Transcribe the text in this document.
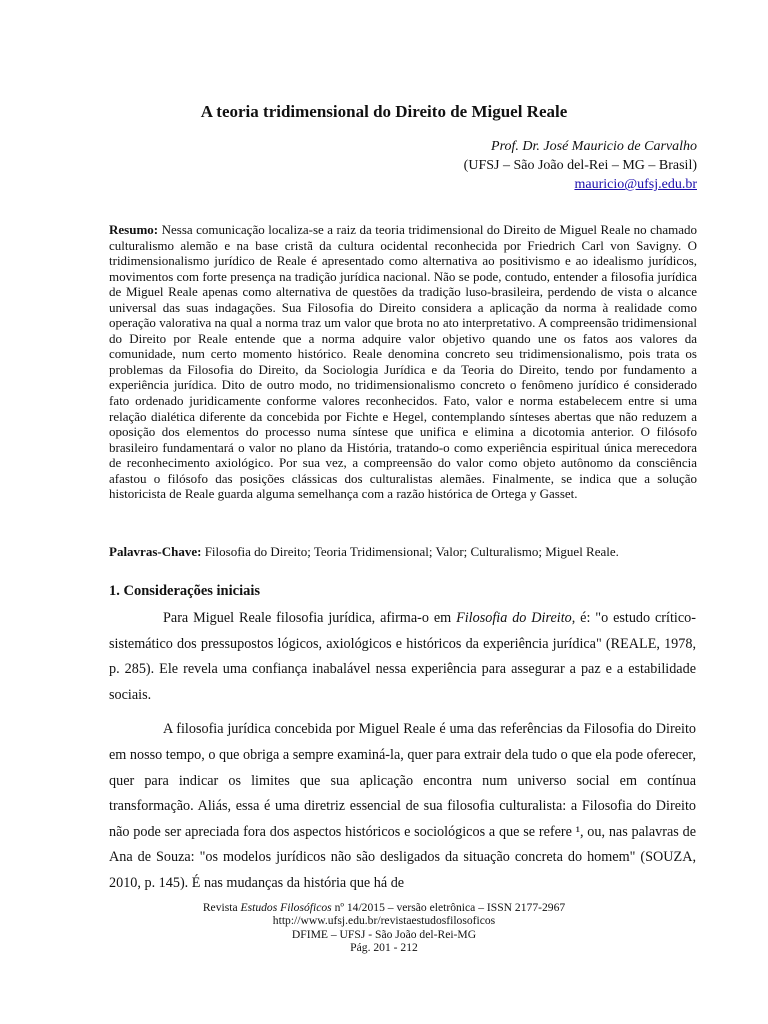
A teoria tridimensional do Direito de Miguel Reale
Prof. Dr. José Mauricio de Carvalho
(UFSJ – São João del-Rei – MG – Brasil)
mauricio@ufsj.edu.br
Resumo: Nessa comunicação localiza-se a raiz da teoria tridimensional do Direito de Miguel Reale no chamado culturalismo alemão e na base cristã da cultura ocidental reconhecida por Friedrich Carl von Savigny. O tridimensionalismo jurídico de Reale é apresentado como alternativa ao positivismo e ao idealismo jurídicos, movimentos com forte presença na tradição jurídica nacional. Não se pode, contudo, entender a filosofia jurídica de Miguel Reale apenas como alternativa de questões da tradição luso-brasileira, perdendo de vista o alcance universal das suas indagações. Sua Filosofia do Direito considera a aplicação da norma à realidade como operação valorativa na qual a norma traz um valor que brota no ato interpretativo. A compreensão tridimensional do Direito por Reale entende que a norma adquire valor objetivo quando une os fatos aos valores da comunidade, num certo momento histórico. Reale denomina concreto seu tridimensionalismo, pois trata os problemas da Filosofia do Direito, da Sociologia Jurídica e da Teoria do Direito, tendo por fundamento a experiência jurídica. Dito de outro modo, no tridimensionalismo concreto o fenômeno jurídico é considerado fato ordenado juridicamente conforme valores reconhecidos. Fato, valor e norma estabelecem entre si uma relação dialética diferente da concebida por Fichte e Hegel, contemplando sínteses abertas que não reduzem a oposição dos elementos do processo numa síntese que unifica e elimina a dicotomia anterior. O filósofo brasileiro fundamentará o valor no plano da História, tratando-o como experiência espiritual única merecedora de reconhecimento axiológico. Por sua vez, a compreensão do valor como objeto autônomo da consciência afastou o filósofo das posições clássicas dos culturalistas alemães. Finalmente, se indica que a solução historicista de Reale guarda alguma semelhança com a razão histórica de Ortega y Gasset.
Palavras-Chave: Filosofia do Direito; Teoria Tridimensional; Valor; Culturalismo; Miguel Reale.
1. Considerações iniciais

Para Miguel Reale filosofia jurídica, afirma-o em Filosofia do Direito, é: "o estudo crítico-sistemático dos pressupostos lógicos, axiológicos e históricos da experiência jurídica" (REALE, 1978, p. 285). Ele revela uma confiança inabalável nessa experiência para assegurar a paz e a estabilidade sociais.

A filosofia jurídica concebida por Miguel Reale é uma das referências da Filosofia do Direito em nosso tempo, o que obriga a sempre examiná-la, quer para extrair dela tudo o que ela pode oferecer, quer para indicar os limites que sua aplicação encontra num universo social em contínua transformação. Aliás, essa é uma diretriz essencial de sua filosofia culturalista: a Filosofia do Direito não pode ser apreciada fora dos aspectos históricos e sociológicos a que se refere ¹, ou, nas palavras de Ana de Souza: "os modelos jurídicos não são desligados da situação concreta do homem" (SOUZA, 2010, p. 145). É nas mudanças da história que há de

Revista Estudos Filosóficos nº 14/2015 – versão eletrônica – ISSN 2177-2967
http://www.ufsj.edu.br/revistaestudosfilosoficos
DFIME – UFSJ - São João del-Rei-MG
Pág. 201 - 212
